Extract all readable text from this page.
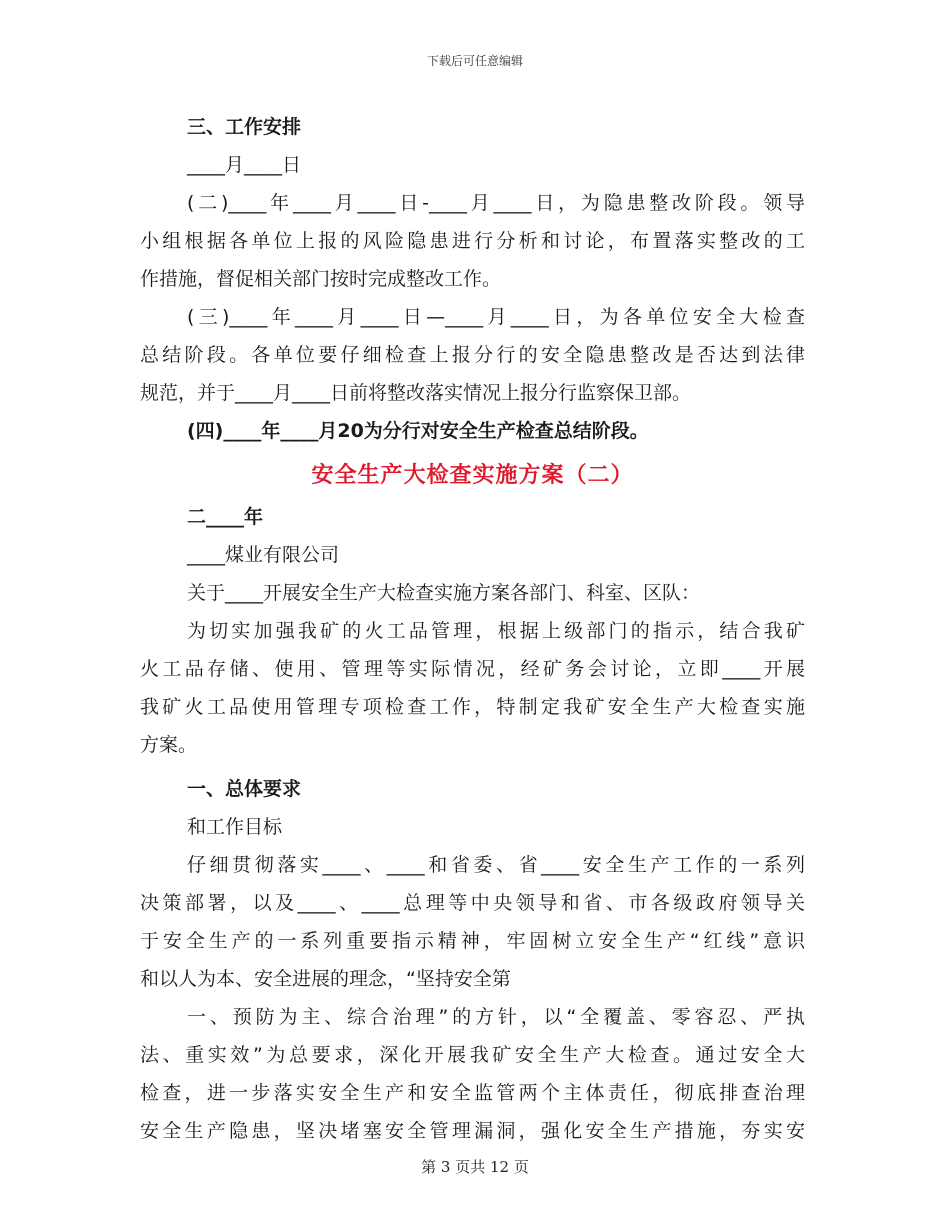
下载后可任意编辑
三、工作安排
____月____日
(二)____年____月____日-____月____日，为隐患整改阶段。领导
小组根据各单位上报的风险隐患进行分析和讨论，布置落实整改的工
作措施，督促相关部门按时完成整改工作。
(三)____年____月____日—____月____日，为各单位安全大检查
总结阶段。各单位要仔细检查上报分行的安全隐患整改是否达到法律
规范，并于____月____日前将整改落实情况上报分行监察保卫部。
(四)____年____月20为分行对安全生产检查总结阶段。
安全生产大检查实施方案（二）
二____年
____煤业有限公司
关于____开展安全生产大检查实施方案各部门、科室、区队：
为切实加强我矿的火工品管理，根据上级部门的指示，结合我矿
火工品存储、使用、管理等实际情况，经矿务会讨论，立即____开展
我矿火工品使用管理专项检查工作，特制定我矿安全生产大检查实施
方案。
一、总体要求
和工作目标
仔细贯彻落实____、____和省委、省____安全生产工作的一系列
决策部署，以及____、____总理等中央领导和省、市各级政府领导关
于安全生产的一系列重要指示精神，牢固树立安全生产“红线”意识
和以人为本、安全进展的理念，“坚持安全第
一、预防为主、综合治理”的方针，以“全覆盖、零容忍、严执
法、重实效”为总要求，深化开展我矿安全生产大检查。通过安全大
检查，进一步落实安全生产和安全监管两个主体责任，彻底排查治理
安全生产隐患，坚决堵塞安全管理漏洞，强化安全生产措施，夯实安
第 3 页共 12 页
